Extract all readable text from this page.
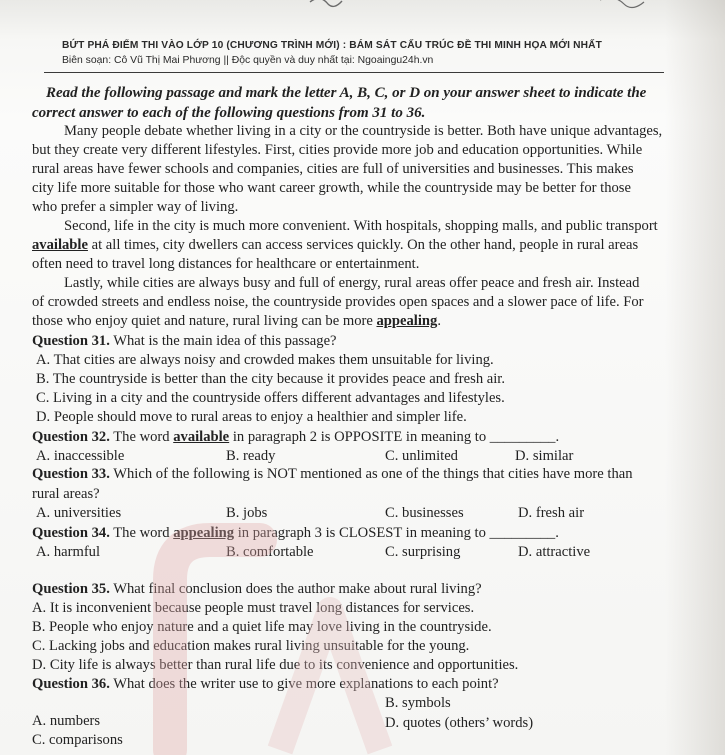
BỨT PHÁ ĐIỂM THI VÀO LỚP 10 (CHƯƠNG TRÌNH MỚI) : BÁM SÁT CẤU TRÚC ĐỀ THI MINH HỌA MỚI NHẤT
Biên soạn: Cô Vũ Thị Mai Phương || Độc quyền và duy nhất tại: Ngoaingu24h.vn
Read the following passage and mark the letter A, B, C, or D on your answer sheet to indicate the
correct answer to each of the following questions from 31 to 36.
Many people debate whether living in a city or the countryside is better. Both have unique advantages,
but they create very different lifestyles. First, cities provide more job and education opportunities. While
rural areas have fewer schools and companies, cities are full of universities and businesses. This makes
city life more suitable for those who want career growth, while the countryside may be better for those
who prefer a simpler way of living.
Second, life in the city is much more convenient. With hospitals, shopping malls, and public transport
available at all times, city dwellers can access services quickly. On the other hand, people in rural areas
often need to travel long distances for healthcare or entertainment.
Lastly, while cities are always busy and full of energy, rural areas offer peace and fresh air. Instead
of crowded streets and endless noise, the countryside provides open spaces and a slower pace of life. For
those who enjoy quiet and nature, rural living can be more appealing.
Question 31. What is the main idea of this passage?
A. That cities are always noisy and crowded makes them unsuitable for living.
B. The countryside is better than the city because it provides peace and fresh air.
C. Living in a city and the countryside offers different advantages and lifestyles.
D. People should move to rural areas to enjoy a healthier and simpler life.
Question 32. The word available in paragraph 2 is OPPOSITE in meaning to _________.
A. inaccessible	B. ready	C. unlimited	D. similar
Question 33. Which of the following is NOT mentioned as one of the things that cities have more than
rural areas?
A. universities	B. jobs	C. businesses	D. fresh air
Question 34. The word appealing in paragraph 3 is CLOSEST in meaning to _________.
A. harmful	B. comfortable	C. surprising	D. attractive
Question 35. What final conclusion does the author make about rural living?
A. It is inconvenient because people must travel long distances for services.
B. People who enjoy nature and a quiet life may love living in the countryside.
C. Lacking jobs and education makes rural living unsuitable for the young.
D. City life is always better than rural life due to its convenience and opportunities.
Question 36. What does the writer use to give more explanations to each point?
A. numbers
B. symbols
C. comparisons
D. quotes (others’ words)
